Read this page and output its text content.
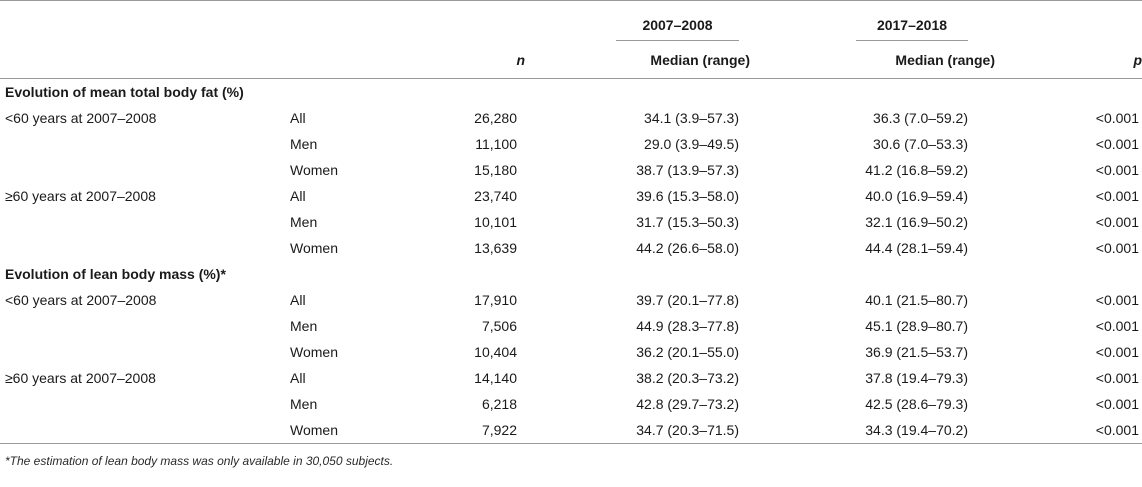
			2007–2008	2017–2018	
		n	Median (range)	Median (range)	p
Evolution of mean total body fat (%)					
<60 years at 2007–2008	All	26,280	34.1 (3.9–57.3)	36.3 (7.0–59.2)	<0.001
	Men	11,100	29.0 (3.9–49.5)	30.6 (7.0–53.3)	<0.001
	Women	15,180	38.7 (13.9–57.3)	41.2 (16.8–59.2)	<0.001
≥60 years at 2007–2008	All	23,740	39.6 (15.3–58.0)	40.0 (16.9–59.4)	<0.001
	Men	10,101	31.7 (15.3–50.3)	32.1 (16.9–50.2)	<0.001
	Women	13,639	44.2 (26.6–58.0)	44.4 (28.1–59.4)	<0.001
Evolution of lean body mass (%)*					
<60 years at 2007–2008	All	17,910	39.7 (20.1–77.8)	40.1 (21.5–80.7)	<0.001
	Men	7,506	44.9 (28.3–77.8)	45.1 (28.9–80.7)	<0.001
	Women	10,404	36.2 (20.1–55.0)	36.9 (21.5–53.7)	<0.001
≥60 years at 2007–2008	All	14,140	38.2 (20.3–73.2)	37.8 (19.4–79.3)	<0.001
	Men	6,218	42.8 (29.7–73.2)	42.5 (28.6–79.3)	<0.001
	Women	7,922	34.7 (20.3–71.5)	34.3 (19.4–70.2)	<0.001
*The estimation of lean body mass was only available in 30,050 subjects.
